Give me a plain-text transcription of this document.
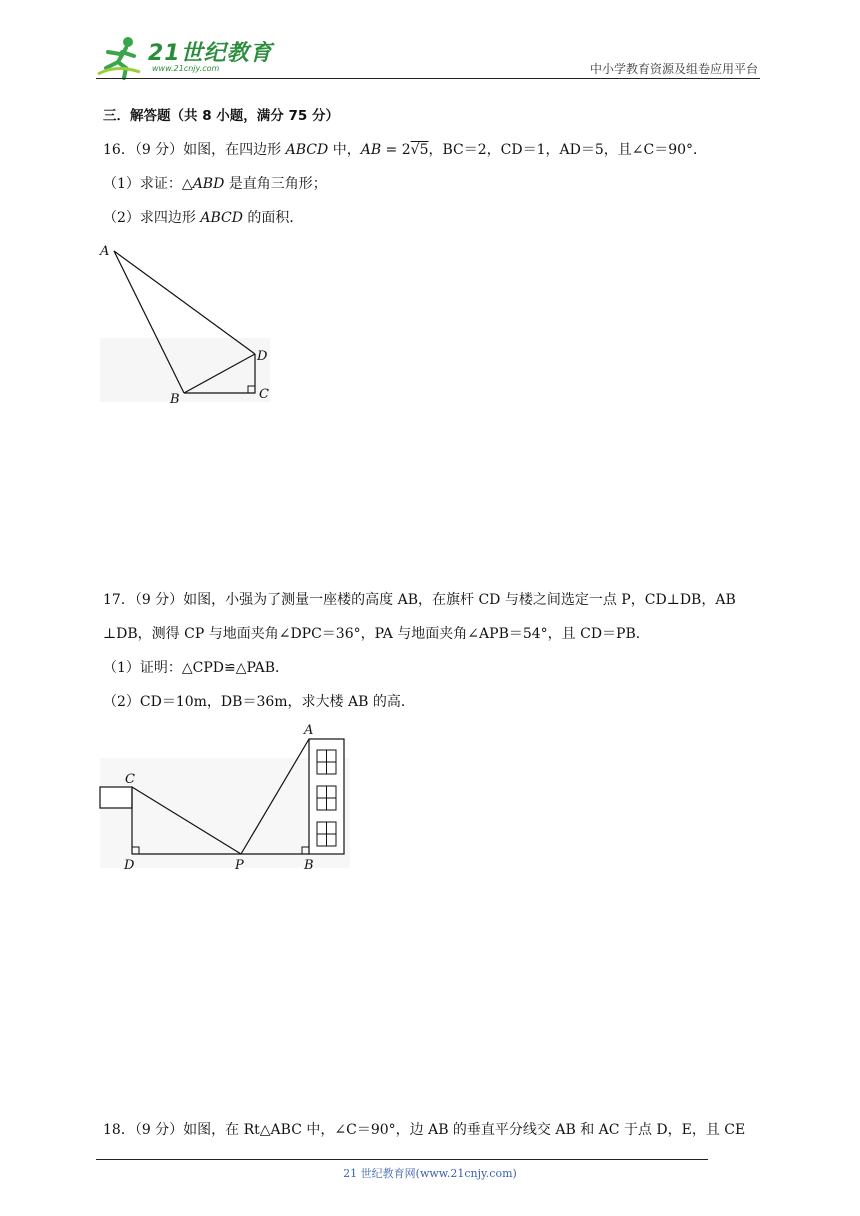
21世纪教育
www.21cnjy.com	中小学教育资源及组卷应用平台
三．解答题（共 8 小题，满分 75 分）
16．（9 分）如图，在四边形 ABCD 中，AB = 2√5，BC＝2，CD＝1，AD＝5，且∠C＝90°．
（1）求证：△ABD 是直角三角形；
（2）求四边形 ABCD 的面积．
A
B	C
D
17．（9 分）如图，小强为了测量一座楼的高度 AB，在旗杆 CD 与楼之间选定一点 P，CD⊥DB，AB
⊥DB，测得 CP 与地面夹角∠DPC＝36°，PA 与地面夹角∠APB＝54°，且 CD＝PB．
（1）证明：△CPD≌△PAB．
（2）CD＝10m，DB＝36m，求大楼 AB 的高．
C
D	P	B
A
18．（9 分）如图，在 Rt△ABC 中，∠C＝90°，边 AB 的垂直平分线交 AB 和 AC 于点 D，E，且 CE
21 世纪教育网(www.21cnjy.com)
